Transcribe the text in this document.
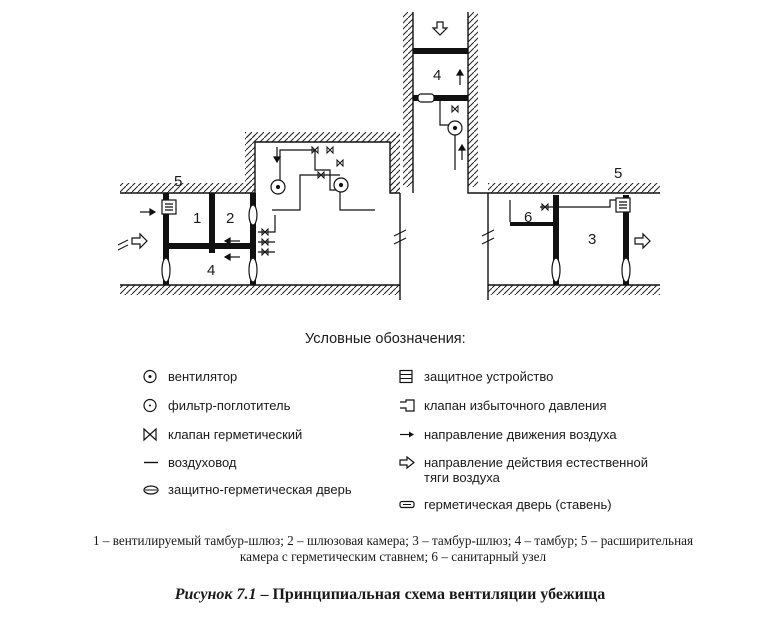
5
1 2
4
4
5
6
3
Условные обозначения:
вентилятор
фильтр-поглотитель
клапан герметический
воздуховод
защитно-герметическая дверь
защитное устройство
клапан избыточного давления
направление движения воздуха
направление действия естественной тяги воздуха
герметическая дверь (ставень)
1 – вентилируемый тамбур-шлюз; 2 – шлюзовая камера; 3 – тамбур-шлюз; 4 – тамбур; 5 – расширительная
камера с герметическим ставнем; 6 – санитарный узел
Рисунок 7.1 – Принципиальная схема вентиляции убежища
